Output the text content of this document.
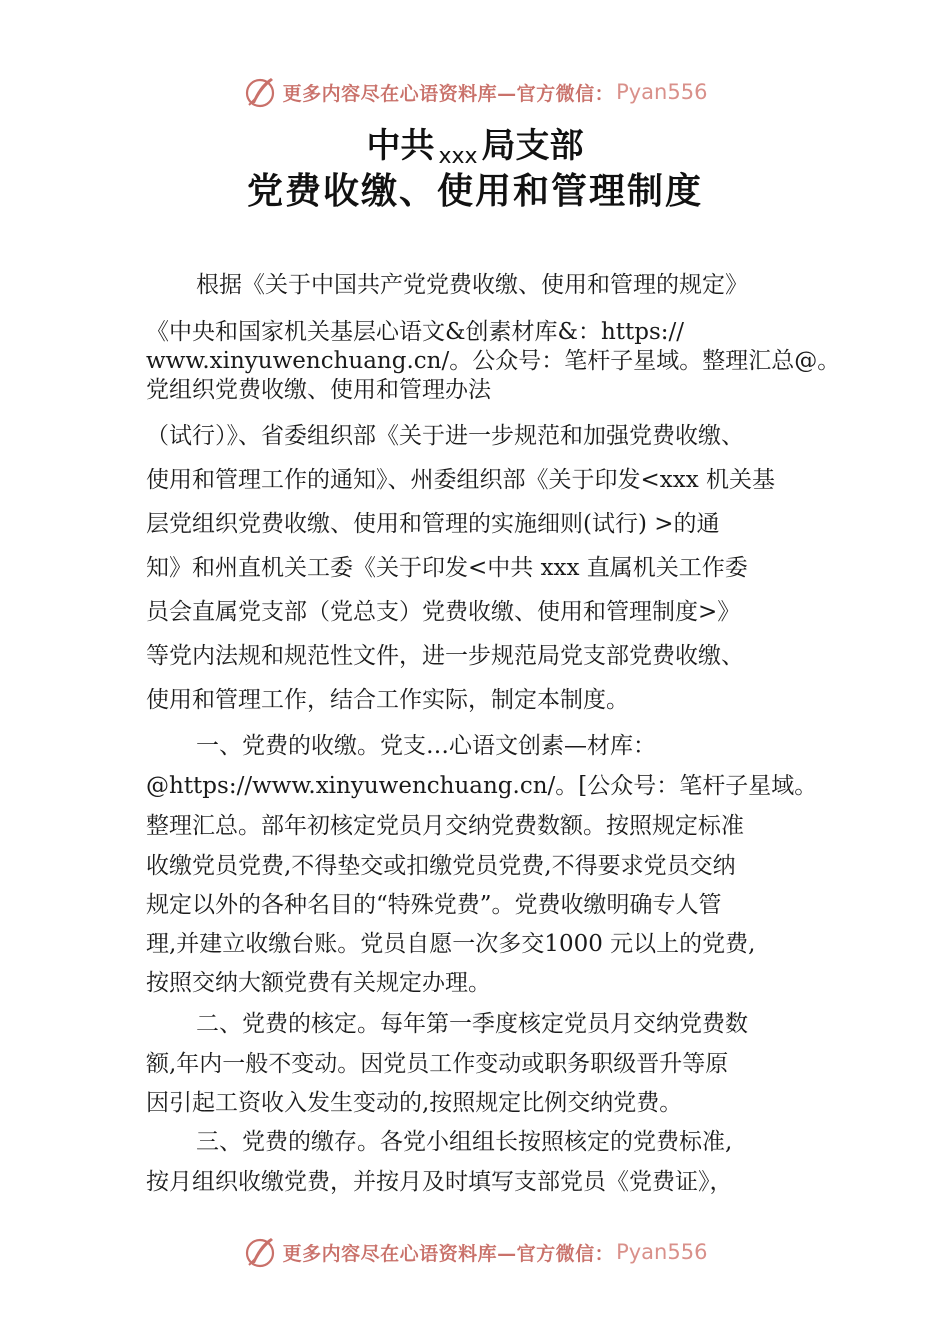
更多内容尽在心语资料库—官方微信： Pyan556
中共 xxx 局支部
党费收缴、使用和管理制度
根据《关于中国共产党党费收缴、使用和管理的规定》
《中央和国家机关基层心语文&创素材库&：https://
www.xinyuwenchuang.cn/。公众号：笔杆子星域。整理汇总@。
党组织党费收缴、使用和管理办法
（试行）》、省委组织部《关于进一步规范和加强党费收缴、
使用和管理工作的通知》、州委组织部《关于印发<xxx 机关基
层党组织党费收缴、使用和管理的实施细则(试行) >的通
知》和州直机关工委《关于印发<中共 xxx 直属机关工作委
员会直属党支部（党总支）党费收缴、使用和管理制度>》
等党内法规和规范性文件，进一步规范局党支部党费收缴、
使用和管理工作，结合工作实际，制定本制度。
一、党费的收缴。党支…心语文创素—材库：
@https://www.xinyuwenchuang.cn/。[公众号：笔杆子星域。
整理汇总。部年初核定党员月交纳党费数额。按照规定标准
收缴党员党费,不得垫交或扣缴党员党费,不得要求党员交纳
规定以外的各种名目的“特殊党费”。党费收缴明确专人管
理,并建立收缴台账。党员自愿一次多交1000 元以上的党费,
按照交纳大额党费有关规定办理。
二、党费的核定。每年第一季度核定党员月交纳党费数
额,年内一般不变动。因党员工作变动或职务职级晋升等原
因引起工资收入发生变动的,按照规定比例交纳党费。
三、党费的缴存。各党小组组长按照核定的党费标准,
按月组织收缴党费，并按月及时填写支部党员《党费证》，
更多内容尽在心语资料库—官方微信： Pyan556
